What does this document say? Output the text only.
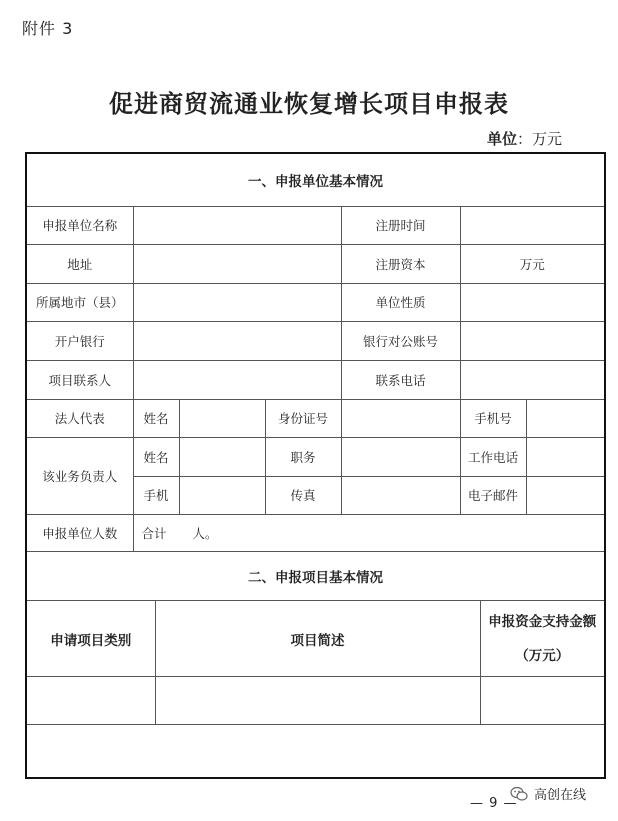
附件 3
促进商贸流通业恢复增长项目申报表
单位：万元
一、申报单位基本情况						
申报单位名称				注册时间		
地址				注册资本	万元	
所属地市（县）				单位性质		
开户银行				银行对公账号		
项目联系人				联系电话		
法人代表	姓名		身份证号		手机号	
该业务负责人	姓名		职务		工作电话	
	手机		传真		电子邮件	
申报单位人数	合计 人。					
二、申报项目基本情况						
申请项目类别	项目简述	申报资金支持金额
（万元）

高创在线
— 9 —
